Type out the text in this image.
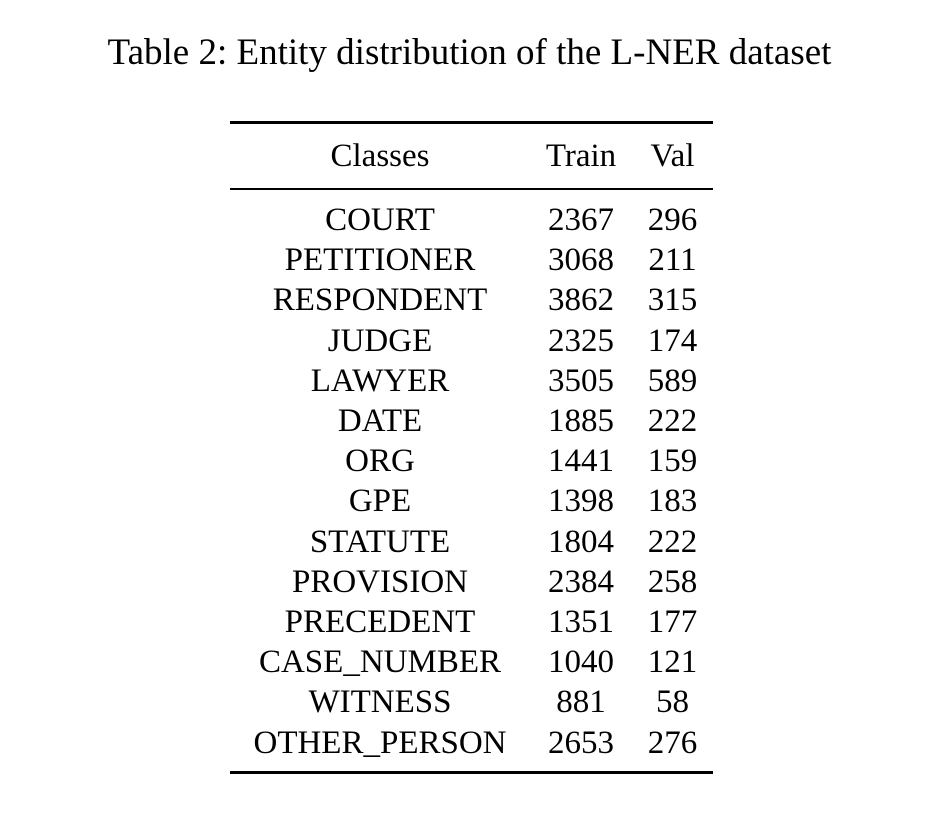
Table 2: Entity distribution of the L-NER dataset
Classes	Train	Val

COURT	2367	296
PETITIONER	3068	211
RESPONDENT	3862	315
JUDGE	2325	174
LAWYER	3505	589
DATE	1885	222
ORG	1441	159
GPE	1398	183
STATUTE	1804	222
PROVISION	2384	258
PRECEDENT	1351	177
CASE_NUMBER	1040	121
WITNESS	881	58
OTHER_PERSON	2653	276
